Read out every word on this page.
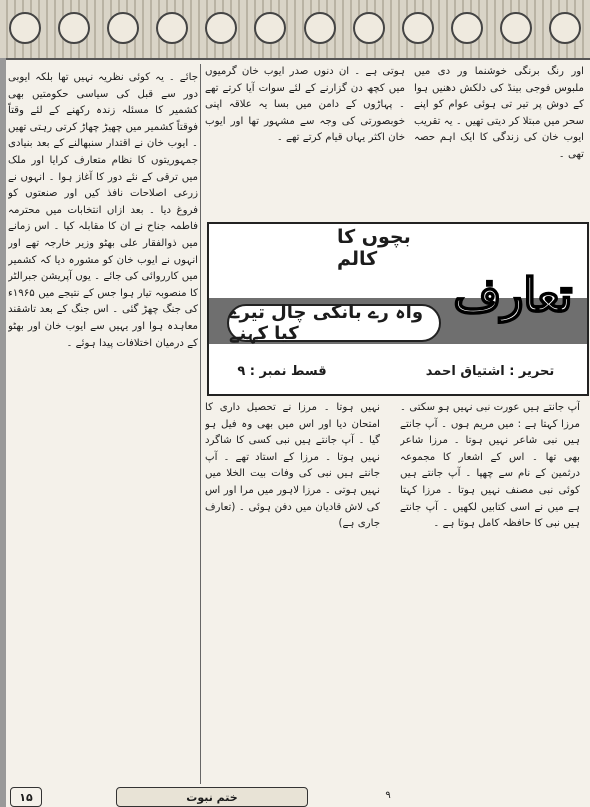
اور رنگ برنگی خوشنما ور دی میں ملبوس فوجی بینڈ کی دلکش دھنیں ہوا کے دوش پر تیر تی ہوئی عوام کو اپنے سحر میں مبتلا کر دیتی تھیں ۔ یہ تقریب ایوب خان کی زندگی کا ایک اہم حصہ تھی ۔

ہوتی ہے ۔ ان دنوں صدر ایوب خان گرمیوں میں کچھ دن گزارنے کے لئے سوات آیا کرتے تھے ۔ پہاڑوں کے دامن میں بسا یہ علاقہ اپنی خوبصورتی کی وجہ سے مشہور تھا اور ایوب خان اکثر یہاں قیام کرتے تھے ۔

جائے ۔ یہ کوئی نظریہ نہیں تھا بلکہ ایوبی دور سے قبل کی سیاسی حکومتیں بھی کشمیر کا مسئلہ زندہ رکھنے کے لئے وقتاً فوقتاً کشمیر میں چھیڑ چھاڑ کرتی رہتی تھیں ۔ ایوب خان نے اقتدار سنبھالنے کے بعد بنیادی جمہوریتوں کا نظام متعارف کرایا اور ملک میں ترقی کے نئے دور کا آغاز ہوا ۔ انہوں نے زرعی اصلاحات نافذ کیں اور صنعتوں کو فروغ دیا ۔ بعد ازاں انتخابات میں محترمہ فاطمہ جناح نے ان کا مقابلہ کیا ۔ اس زمانے میں ذوالفقار علی بھٹو وزیر خارجہ تھے اور انہوں نے ایوب خان کو مشورہ دیا کہ کشمیر میں کارروائی کی جائے ۔ یوں آپریشن جبرالٹر کا منصوبہ تیار ہوا جس کے نتیجے میں ۱۹۶۵ء کی جنگ چھڑ گئی ۔ اس جنگ کے بعد تاشقند معاہدہ ہوا اور یہیں سے ایوب خان اور بھٹو کے درمیان اختلافات پیدا ہوئے ۔

بچوں کا کالم
تعارف
واہ رے بانکی چال تیرے کیا کہنے
تحریر : اشتیاق احمد
قسط نمبر : ۹

آپ جانتے ہیں عورت نبی نہیں ہو سکتی ۔ مرزا کہتا ہے : میں مریم ہوں ۔ آپ جانتے ہیں نبی شاعر نہیں ہوتا ۔ مرزا شاعر بھی تھا ۔ اس کے اشعار کا مجموعہ درثمین کے نام سے چھپا ۔ آپ جانتے ہیں کوئی نبی مصنف نہیں ہوتا ۔ مرزا کہتا ہے میں نے اسی کتابیں لکھیں ۔ آپ جانتے ہیں نبی کا حافظہ کامل ہوتا ہے ۔

نہیں ہوتا ۔ مرزا نے تحصیل داری کا امتحان دیا اور اس میں بھی وہ فیل ہو گیا ۔ آپ جانتے ہیں نبی کسی کا شاگرد نہیں ہوتا ۔ مرزا کے استاد تھے ۔ آپ جانتے ہیں نبی کی وفات بیت الخلا میں نہیں ہوتی ۔ مرزا لاہور میں مرا اور اس کی لاش قادیان میں دفن ہوئی ۔ (تعارف جاری ہے)

ختم نبوت	۹
۱۵
